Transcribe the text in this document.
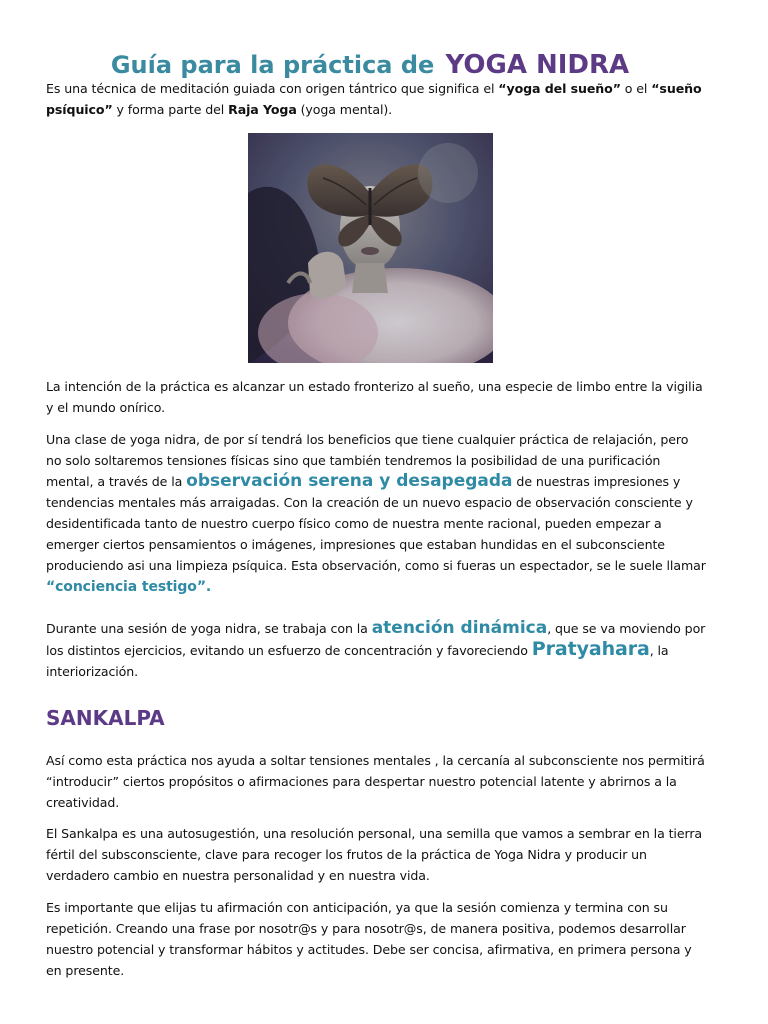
Guía para la práctica de YOGA NIDRA

Es una técnica de meditación guiada con origen tántrico que significa el “yoga del sueño” o el “sueño psíquico” y forma parte del Raja Yoga (yoga mental).

La intención de la práctica es alcanzar un estado fronterizo al sueño, una especie de limbo entre la vigilia y el mundo onírico.

Una clase de yoga nidra, de por sí tendrá los beneficios que tiene cualquier práctica de relajación, pero no solo soltaremos tensiones físicas sino que también tendremos la posibilidad de una purificación mental, a través de la observación serena y desapegada de nuestras impresiones y tendencias mentales más arraigadas. Con la creación de un nuevo espacio de observación consciente y desidentificada tanto de nuestro cuerpo físico como de nuestra mente racional, pueden empezar a emerger ciertos pensamientos o imágenes, impresiones que estaban hundidas en el subconsciente produciendo asi una limpieza psíquica. Esta observación, como si fueras un espectador, se le suele llamar “conciencia testigo”.

Durante una sesión de yoga nidra, se trabaja con la atención dinámica, que se va moviendo por los distintos ejercicios, evitando un esfuerzo de concentración y favoreciendo Pratyahara, la interiorización.

SANKALPA

Así como esta práctica nos ayuda a soltar tensiones mentales , la cercanía al subconsciente nos permitirá “introducir” ciertos propósitos o afirmaciones para despertar nuestro potencial latente y abrirnos a la creatividad.

El Sankalpa es una autosugestión, una resolución personal, una semilla que vamos a sembrar en la tierra fértil del subsconsciente, clave para recoger los frutos de la práctica de Yoga Nidra y producir un verdadero cambio en nuestra personalidad y en nuestra vida.

Es importante que elijas tu afirmación con anticipación, ya que la sesión comienza y termina con su repetición. Creando una frase por nosotr@s y para nosotr@s, de manera positiva, podemos desarrollar nuestro potencial y transformar hábitos y actitudes. Debe ser concisa, afirmativa, en primera persona y en presente.
